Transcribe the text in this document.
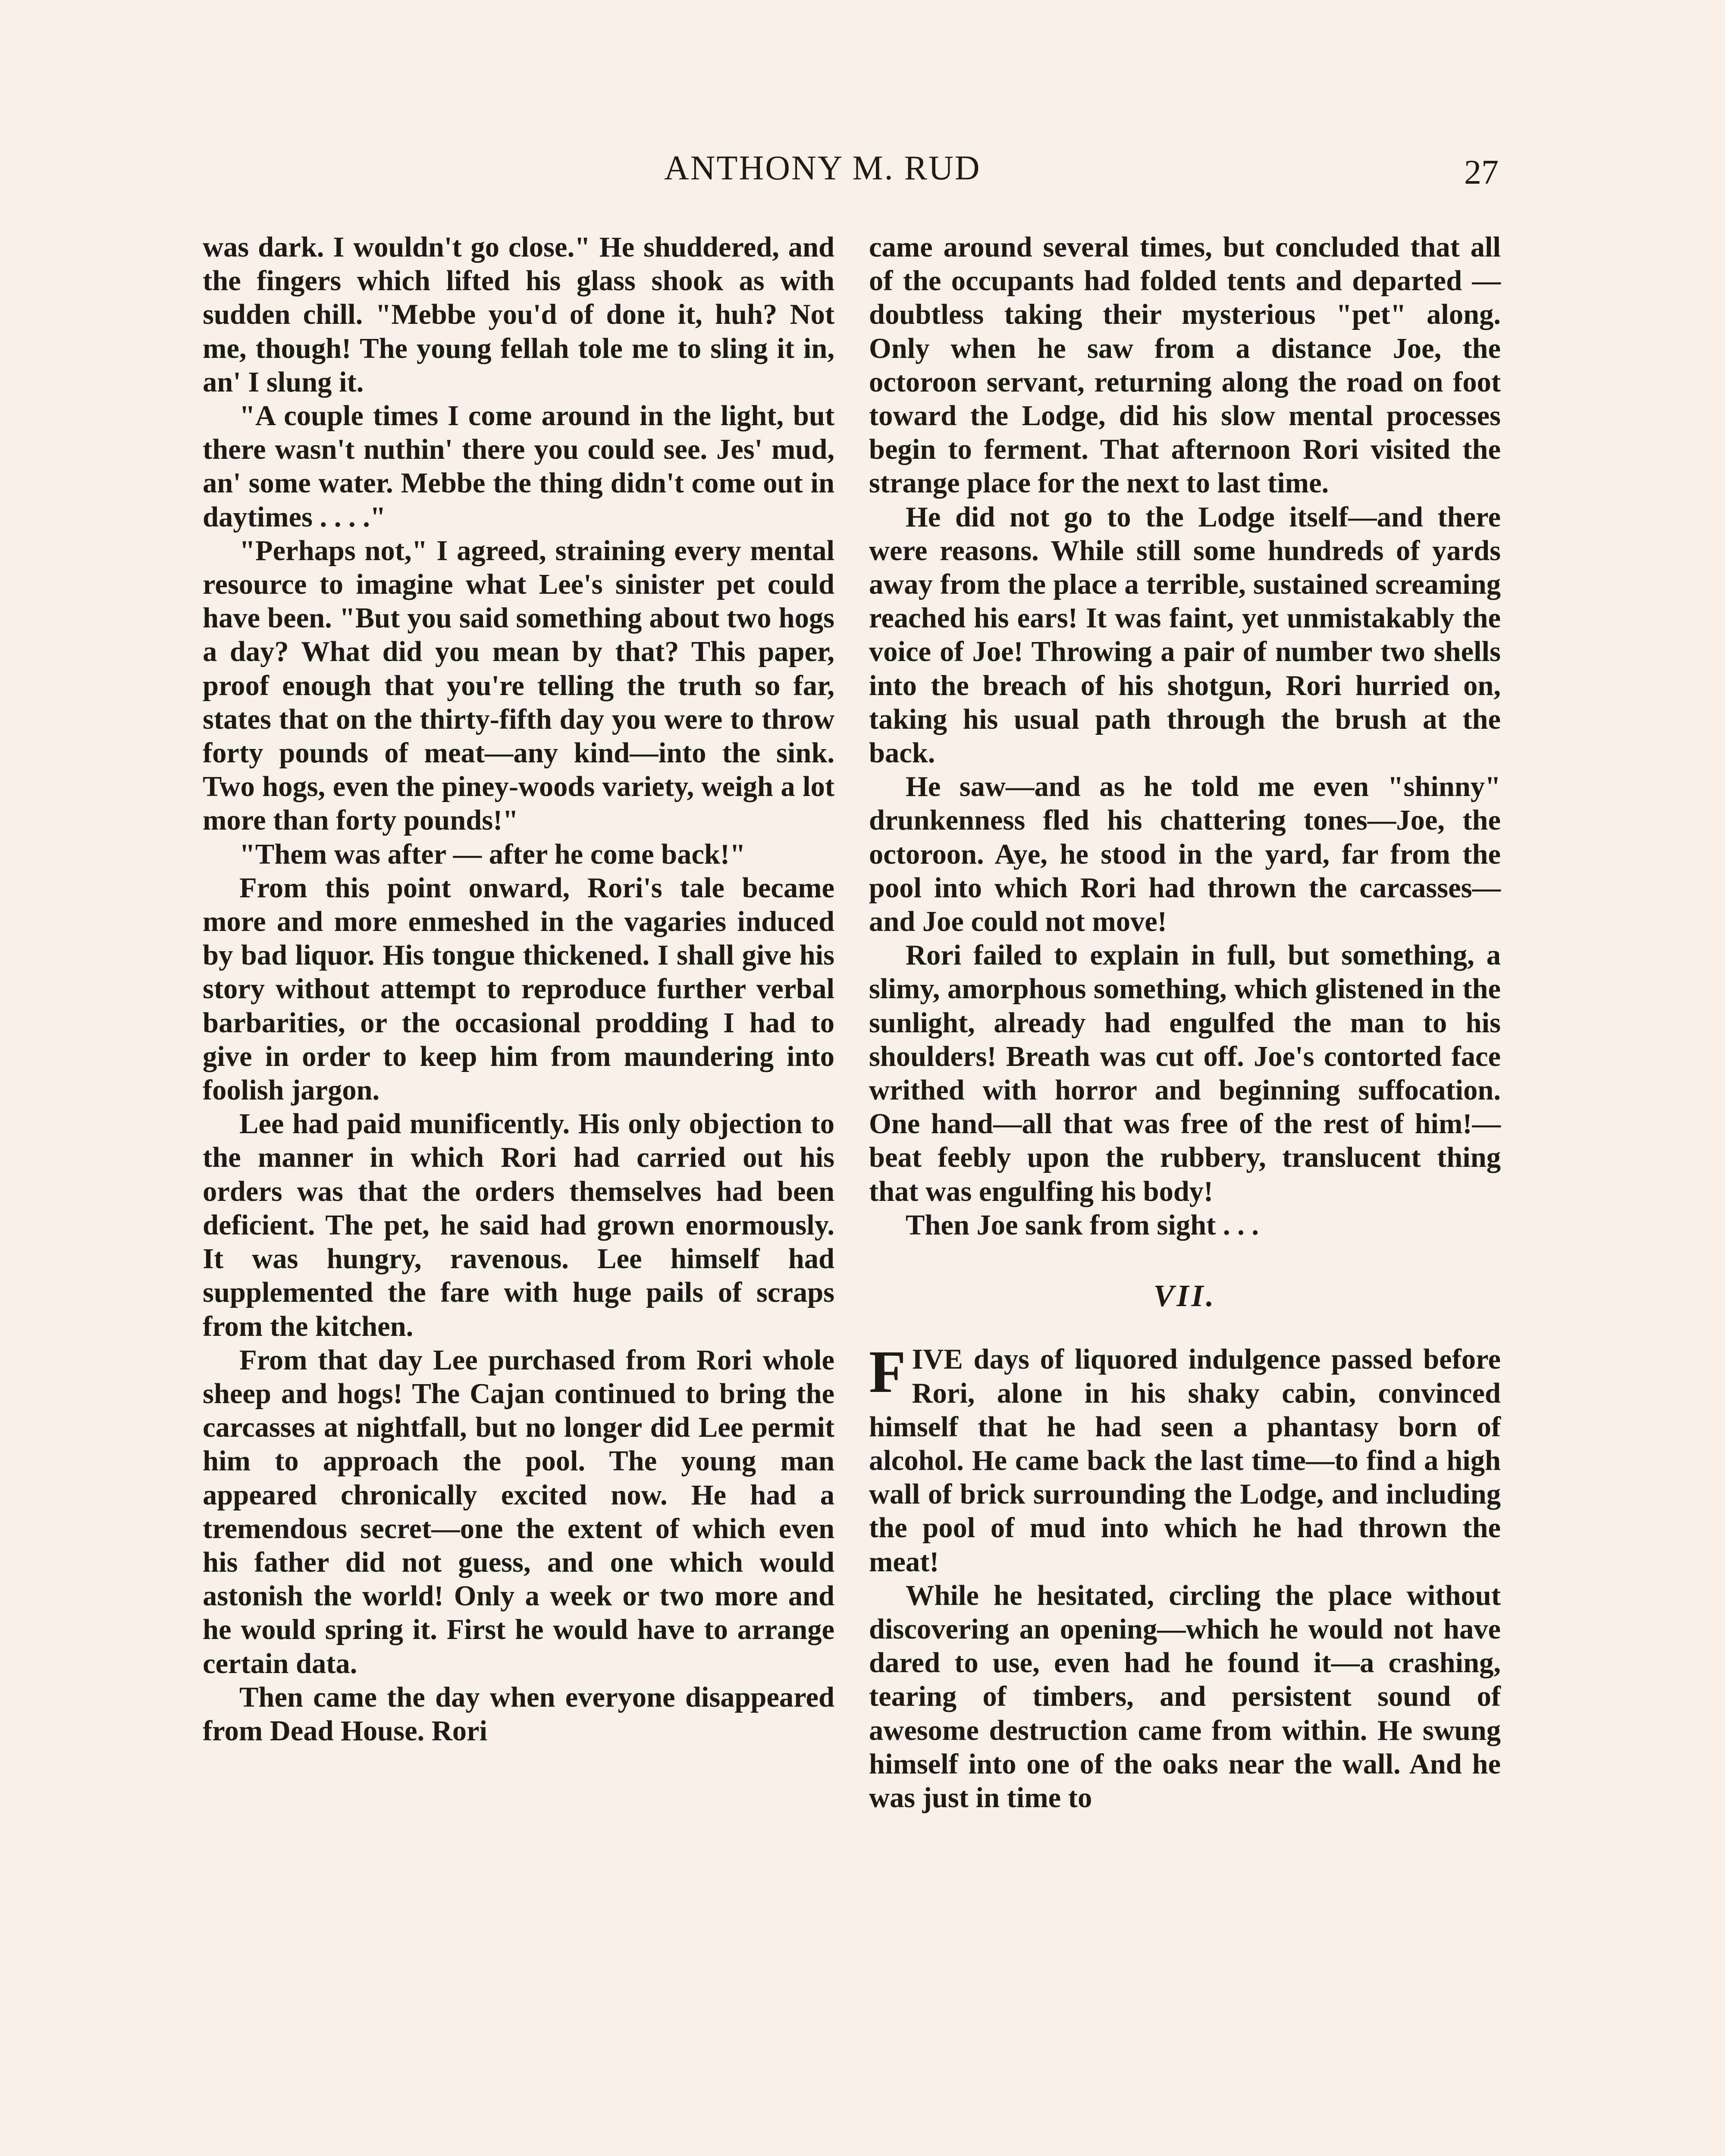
ANTHONY M. RUD	27

was dark. I wouldn't go close." He shuddered, and the fingers which lifted his glass shook as with sudden chill. "Mebbe you'd of done it, huh? Not me, though! The young fellah tole me to sling it in, an' I slung it.

"A couple times I come around in the light, but there wasn't nuthin' there you could see. Jes' mud, an' some water. Mebbe the thing didn't come out in daytimes . . . ."

"Perhaps not," I agreed, straining every mental resource to imagine what Lee's sinister pet could have been. "But you said something about two hogs a day? What did you mean by that? This paper, proof enough that you're telling the truth so far, states that on the thirty-fifth day you were to throw forty pounds of meat—any kind—into the sink. Two hogs, even the piney-woods variety, weigh a lot more than forty pounds!"

"Them was after — after he come back!"

From this point onward, Rori's tale became more and more enmeshed in the vagaries induced by bad liquor. His tongue thickened. I shall give his story without attempt to reproduce further verbal barbarities, or the occasional prodding I had to give in order to keep him from maundering into foolish jargon.

Lee had paid munificently. His only objection to the manner in which Rori had carried out his orders was that the orders themselves had been deficient. The pet, he said had grown enormously. It was hungry, ravenous. Lee himself had supplemented the fare with huge pails of scraps from the kitchen.

From that day Lee purchased from Rori whole sheep and hogs! The Cajan continued to bring the carcasses at nightfall, but no longer did Lee permit him to approach the pool. The young man appeared chronically excited now. He had a tremendous secret—one the extent of which even his father did not guess, and one which would astonish the world! Only a week or two more and he would spring it. First he would have to arrange certain data.

Then came the day when everyone disappeared from Dead House. Rori

came around several times, but concluded that all of the occupants had folded tents and departed — doubtless taking their mysterious "pet" along. Only when he saw from a distance Joe, the octoroon servant, returning along the road on foot toward the Lodge, did his slow mental processes begin to ferment. That afternoon Rori visited the strange place for the next to last time.

He did not go to the Lodge itself—and there were reasons. While still some hundreds of yards away from the place a terrible, sustained screaming reached his ears! It was faint, yet unmistakably the voice of Joe! Throwing a pair of number two shells into the breach of his shotgun, Rori hurried on, taking his usual path through the brush at the back.

He saw—and as he told me even "shinny" drunkenness fled his chattering tones—Joe, the octoroon. Aye, he stood in the yard, far from the pool into which Rori had thrown the carcasses—and Joe could not move!

Rori failed to explain in full, but something, a slimy, amorphous something, which glistened in the sunlight, already had engulfed the man to his shoulders! Breath was cut off. Joe's contorted face writhed with horror and beginning suffocation. One hand—all that was free of the rest of him!—beat feebly upon the rubbery, translucent thing that was engulfing his body!

Then Joe sank from sight . . .

VII.

FIVE days of liquored indulgence passed before Rori, alone in his shaky cabin, convinced himself that he had seen a phantasy born of alcohol. He came back the last time—to find a high wall of brick surrounding the Lodge, and including the pool of mud into which he had thrown the meat!

While he hesitated, circling the place without discovering an opening—which he would not have dared to use, even had he found it—a crashing, tearing of timbers, and persistent sound of awesome destruction came from within. He swung himself into one of the oaks near the wall. And he was just in time to
